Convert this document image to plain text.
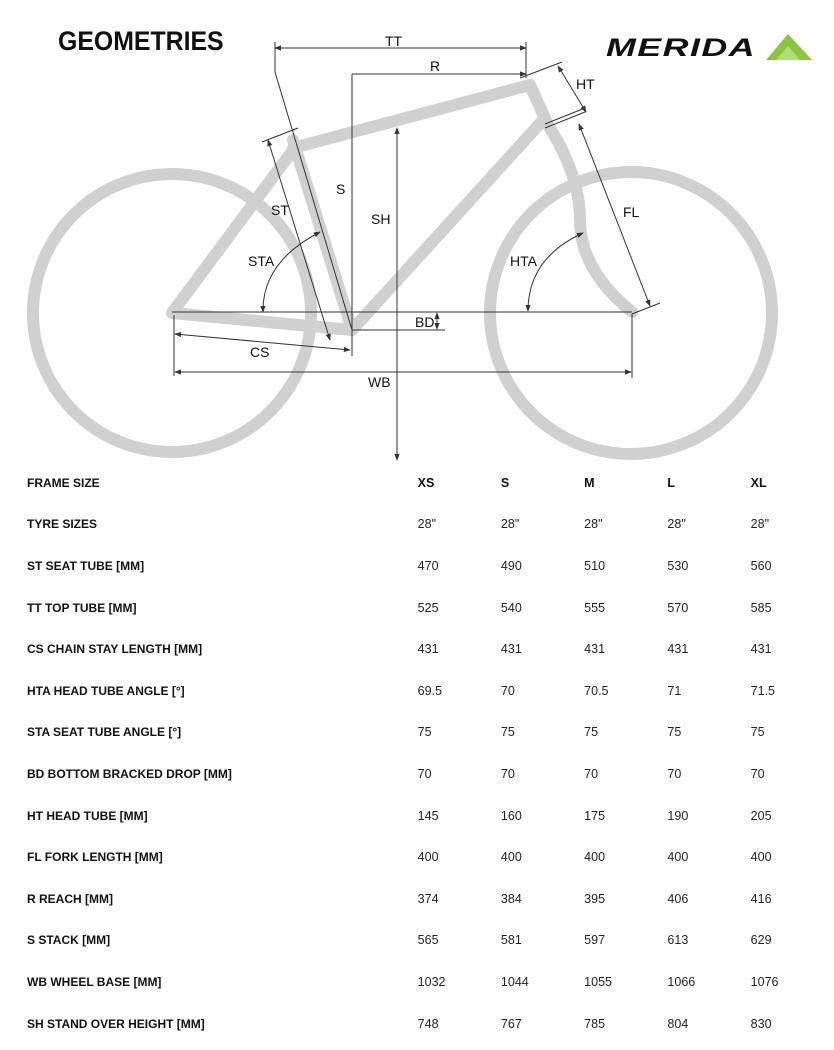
GEOMETRIES	MERIDA
TT
R
HT
S
SH
ST
STA	HTA
FL
BD
CS
WB
FRAME SIZE	XS	S	M	L	XL
TYRE SIZES	28"	28"	28"	28"	28"
ST SEAT TUBE [MM]	470	490	510	530	560
TT TOP TUBE [MM]	525	540	555	570	585
CS CHAIN STAY LENGTH [MM]	431	431	431	431	431
HTA HEAD TUBE ANGLE [°]	69.5	70	70.5	71	71.5
STA SEAT TUBE ANGLE [°]	75	75	75	75	75
BD BOTTOM BRACKED DROP [MM]	70	70	70	70	70
HT HEAD TUBE [MM]	145	160	175	190	205
FL FORK LENGTH [MM]	400	400	400	400	400
R REACH [MM]	374	384	395	406	416
S STACK [MM]	565	581	597	613	629
WB WHEEL BASE [MM]	1032	1044	1055	1066	1076
SH STAND OVER HEIGHT [MM]	748	767	785	804	830
